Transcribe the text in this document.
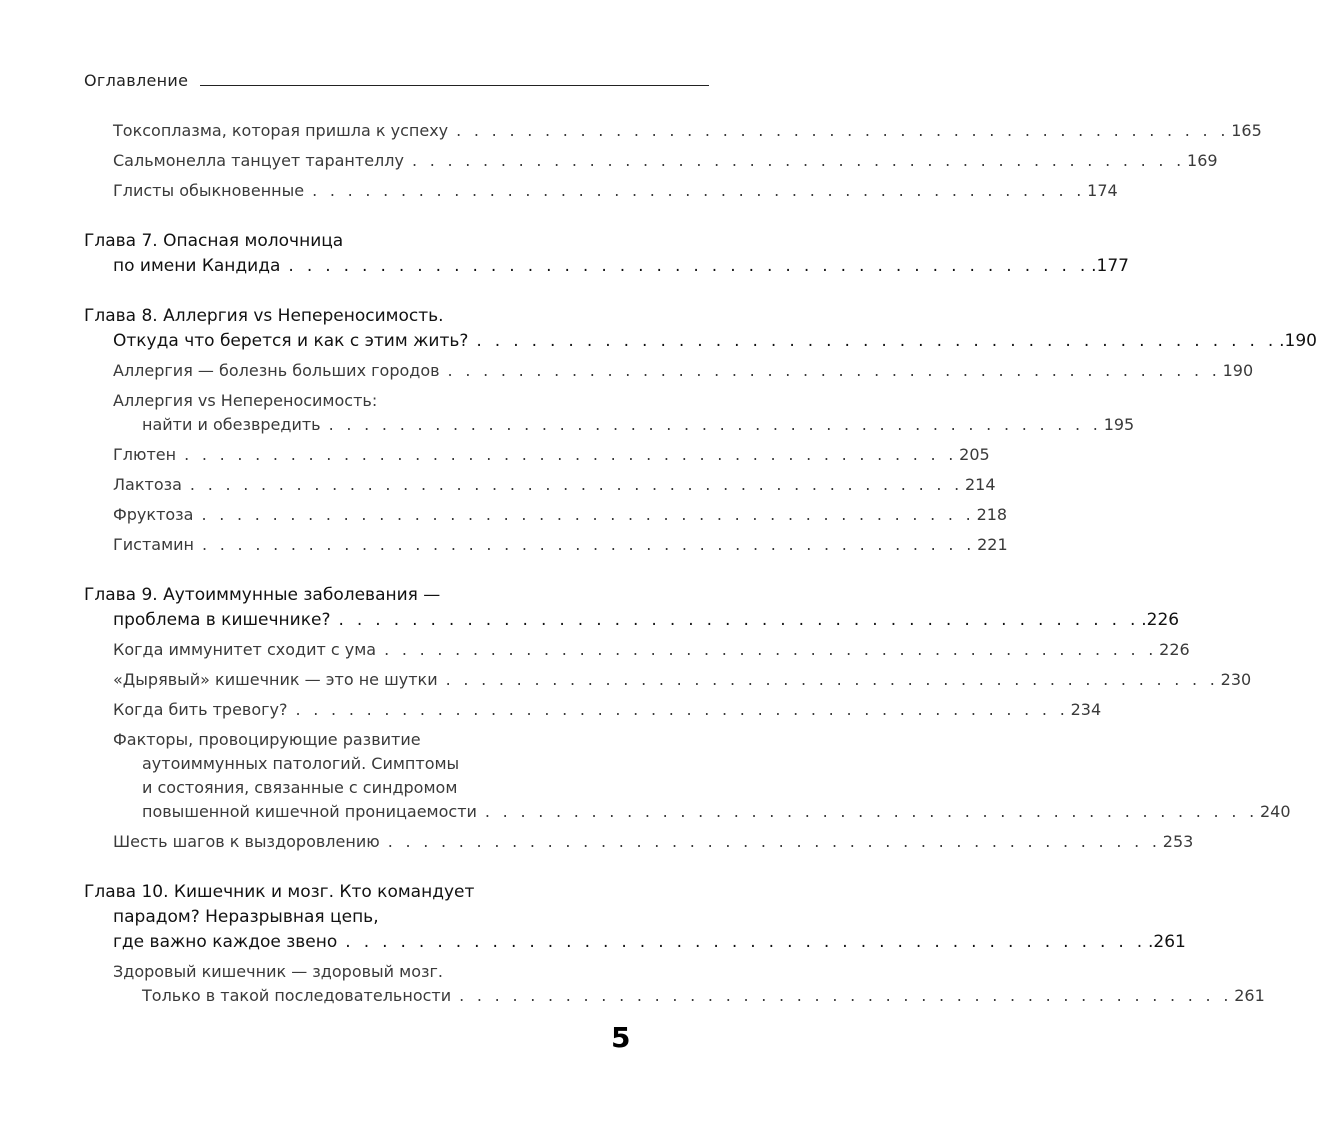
Оглавление
Токсоплазма, которая пришла к успеху . . . . . . . . . . . . . . . . . . . . . . . . . . . . . . . . . . . . . . . . . . . . 165
Сальмонелла танцует тарантеллу . . . . . . . . . . . . . . . . . . . . . . . . . . . . . . . . . . . . . . . . . . . . 169
Глисты обыкновенные . . . . . . . . . . . . . . . . . . . . . . . . . . . . . . . . . . . . . . . . . . . . 174
Глава 7. Опасная молочница
по имени Кандида . . . . . . . . . . . . . . . . . . . . . . . . . . . . . . . . . . . . . . . . . . . . .177
Глава 8. Аллергия vs Непереносимость.
Откуда что берется и как с этим жить? . . . . . . . . . . . . . . . . . . . . . . . . . . . . . . . . . . . . . . . . . . . . .190
Аллергия — болезнь больших городов . . . . . . . . . . . . . . . . . . . . . . . . . . . . . . . . . . . . . . . . . . . . 190
Аллергия vs Непереносимость:
найти и обезвредить . . . . . . . . . . . . . . . . . . . . . . . . . . . . . . . . . . . . . . . . . . . . 195
Глютен . . . . . . . . . . . . . . . . . . . . . . . . . . . . . . . . . . . . . . . . . . . . 205
Лактоза . . . . . . . . . . . . . . . . . . . . . . . . . . . . . . . . . . . . . . . . . . . . 214
Фруктоза . . . . . . . . . . . . . . . . . . . . . . . . . . . . . . . . . . . . . . . . . . . . 218
Гистамин . . . . . . . . . . . . . . . . . . . . . . . . . . . . . . . . . . . . . . . . . . . . 221
Глава 9. Аутоиммунные заболевания —
проблема в кишечнике? . . . . . . . . . . . . . . . . . . . . . . . . . . . . . . . . . . . . . . . . . . . . .226
Когда иммунитет сходит с ума . . . . . . . . . . . . . . . . . . . . . . . . . . . . . . . . . . . . . . . . . . . . 226
«Дырявый» кишечник — это не шутки . . . . . . . . . . . . . . . . . . . . . . . . . . . . . . . . . . . . . . . . . . . . 230
Когда бить тревогу? . . . . . . . . . . . . . . . . . . . . . . . . . . . . . . . . . . . . . . . . . . . . 234
Факторы, провоцирующие развитие
аутоиммунных патологий. Симптомы
и состояния, связанные с синдромом
повышенной кишечной проницаемости . . . . . . . . . . . . . . . . . . . . . . . . . . . . . . . . . . . . . . . . . . . . 240
Шесть шагов к выздоровлению . . . . . . . . . . . . . . . . . . . . . . . . . . . . . . . . . . . . . . . . . . . . 253
Глава 10. Кишечник и мозг. Кто командует
парадом? Неразрывная цепь,
где важно каждое звено . . . . . . . . . . . . . . . . . . . . . . . . . . . . . . . . . . . . . . . . . . . . .261
Здоровый кишечник — здоровый мозг.
Только в такой последовательности . . . . . . . . . . . . . . . . . . . . . . . . . . . . . . . . . . . . . . . . . . . . 261
5
